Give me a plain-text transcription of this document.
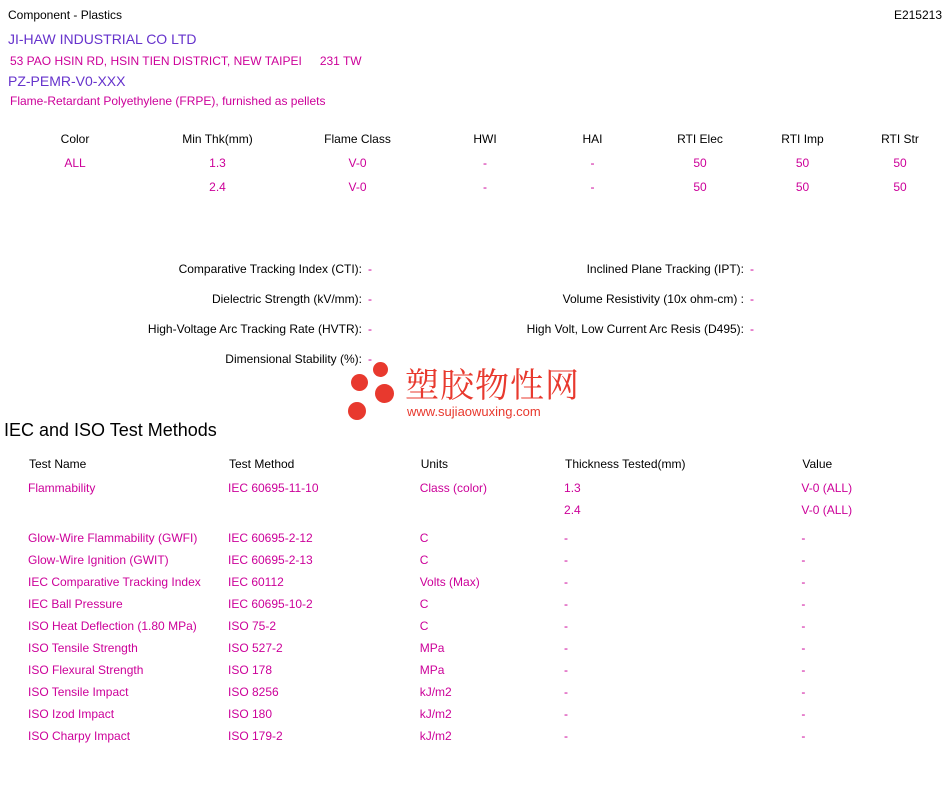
Component - Plastics	E215213
JI-HAW INDUSTRIAL CO LTD
53 PAO HSIN RD, HSIN TIEN DISTRICT, NEW TAIPEI 231 TW
PZ-PEMR-V0-XXX
Flame-Retardant Polyethylene (FRPE), furnished as pellets
Color	Min Thk(mm)	Flame Class	HWI	HAI	RTI Elec	RTI Imp	RTI Str
ALL	1.3	V-0	-	-	50	50	50
	2.4	V-0	-	-	50	50	50
Comparative Tracking Index (CTI): -	Inclined Plane Tracking (IPT): -
Dielectric Strength (kV/mm): -	Volume Resistivity (10x ohm-cm) : -
High-Voltage Arc Tracking Rate (HVTR): -	High Volt, Low Current Arc Resis (D495): -
Dimensional Stability (%): -
塑胶物性网
www.sujiaowuxing.com
IEC and ISO Test Methods
Test Name	Test Method	Units	Thickness Tested(mm)	Value
Flammability	IEC 60695-11-10	Class (color)	1.3	V-0 (ALL)
			2.4	V-0 (ALL)
Glow-Wire Flammability (GWFI)	IEC 60695-2-12	C	-	-
Glow-Wire Ignition (GWIT)	IEC 60695-2-13	C	-	-
IEC Comparative Tracking Index	IEC 60112	Volts (Max)	-	-
IEC Ball Pressure	IEC 60695-10-2	C	-	-
ISO Heat Deflection (1.80 MPa)	ISO 75-2	C	-	-
ISO Tensile Strength	ISO 527-2	MPa	-	-
ISO Flexural Strength	ISO 178	MPa	-	-
ISO Tensile Impact	ISO 8256	kJ/m2	-	-
ISO Izod Impact	ISO 180	kJ/m2	-	-
ISO Charpy Impact	ISO 179-2	kJ/m2	-	-
